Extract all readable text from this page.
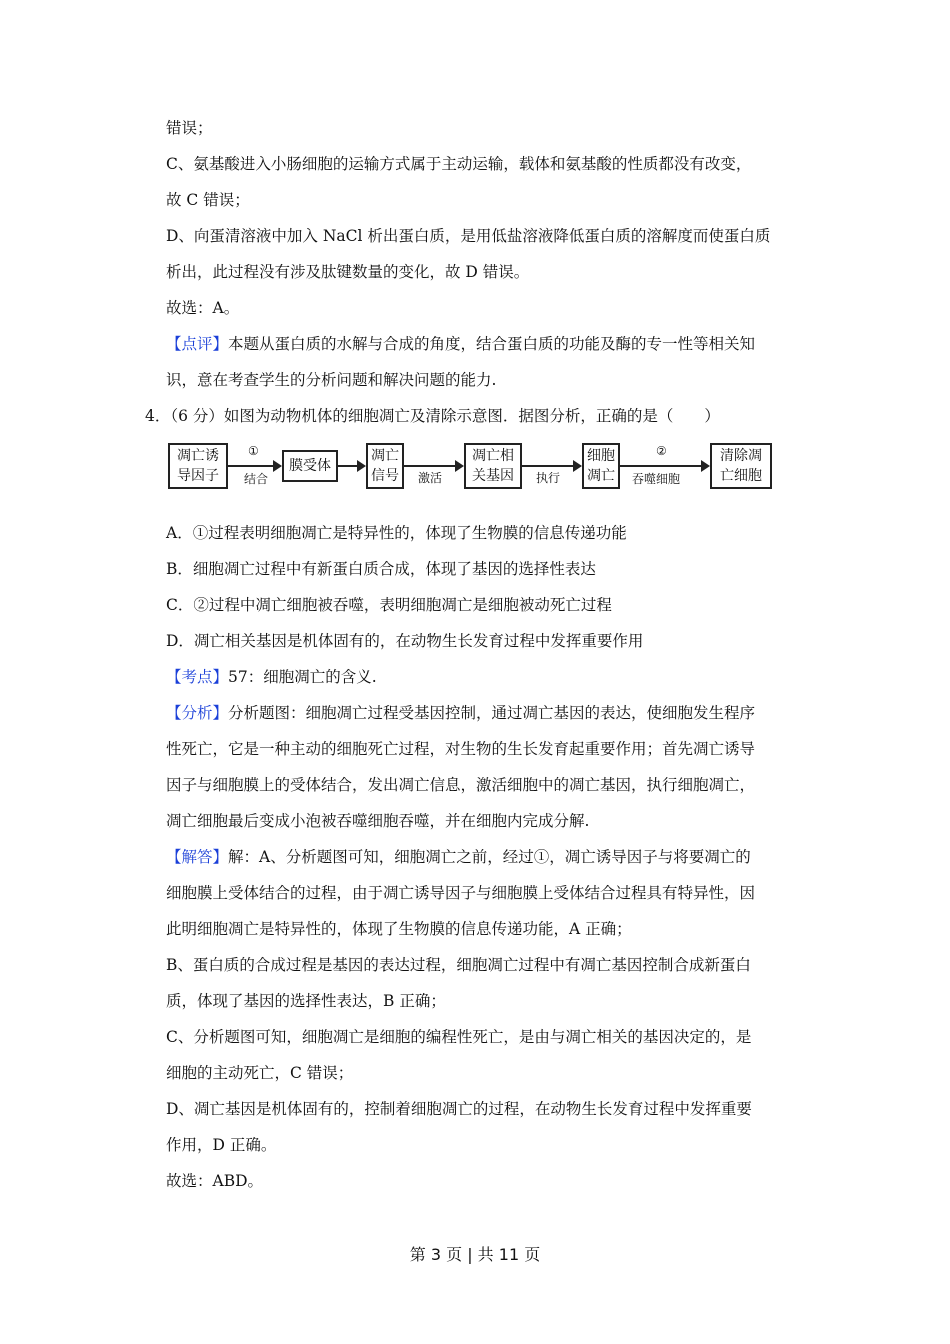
错误；
C、氨基酸进入小肠细胞的运输方式属于主动运输，载体和氨基酸的性质都没有改变，
故 C 错误；
D、向蛋清溶液中加入 NaCl 析出蛋白质，是用低盐溶液降低蛋白质的溶解度而使蛋白质
析出，此过程没有涉及肽键数量的变化，故 D 错误。
故选：A。
【点评】本题从蛋白质的水解与合成的角度，结合蛋白质的功能及酶的专一性等相关知
识，意在考查学生的分析问题和解决问题的能力.
4．（6 分）如图为动物机体的细胞凋亡及清除示意图．据图分析，正确的是（　　）
凋亡诱
导因子
①
结合
膜受体
凋亡
信号	激活
凋亡相
关基因	执行
细胞
凋亡
②
吞噬细胞
清除凋
亡细胞
A．①过程表明细胞凋亡是特异性的，体现了生物膜的信息传递功能
B．细胞凋亡过程中有新蛋白质合成，体现了基因的选择性表达
C．②过程中凋亡细胞被吞噬，表明细胞凋亡是细胞被动死亡过程
D．凋亡相关基因是机体固有的，在动物生长发育过程中发挥重要作用
【考点】57：细胞凋亡的含义.
【分析】分析题图：细胞凋亡过程受基因控制，通过凋亡基因的表达，使细胞发生程序
性死亡，它是一种主动的细胞死亡过程，对生物的生长发育起重要作用；首先凋亡诱导
因子与细胞膜上的受体结合，发出凋亡信息，激活细胞中的凋亡基因，执行细胞凋亡，
凋亡细胞最后变成小泡被吞噬细胞吞噬，并在细胞内完成分解.
【解答】解：A、分析题图可知，细胞凋亡之前，经过①，凋亡诱导因子与将要凋亡的
细胞膜上受体结合的过程，由于凋亡诱导因子与细胞膜上受体结合过程具有特异性，因
此明细胞凋亡是特异性的，体现了生物膜的信息传递功能，A 正确；
B、蛋白质的合成过程是基因的表达过程，细胞凋亡过程中有凋亡基因控制合成新蛋白
质，体现了基因的选择性表达，B 正确；
C、分析题图可知，细胞凋亡是细胞的编程性死亡，是由与凋亡相关的基因决定的，是
细胞的主动死亡，C 错误；
D、凋亡基因是机体固有的，控制着细胞凋亡的过程，在动物生长发育过程中发挥重要
作用，D 正确。
故选：ABD。
第 3 页 | 共 11 页
